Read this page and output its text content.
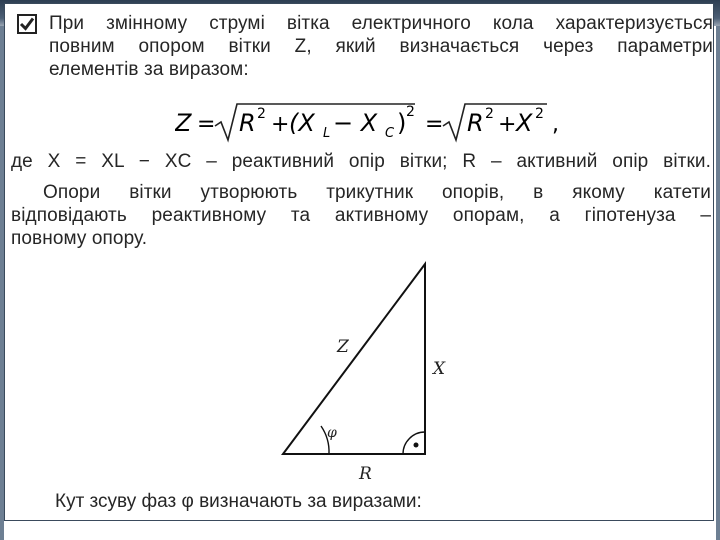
При змінному струмі вітка електричного кола характеризується
повним опором вітки Z, який визначається через параметри
елементів за виразом:
Z = R 2 + (X L − X C ) 2 = R 2 + X 2 ,
де X = XL − XC – реактивний опір вітки; R – активний опір вітки.
Опори вітки утворюють трикутник опорів, в якому катети
відповідають реактивному та активному опорам, а гіпотенуза –
повному опору.
Z
X
R
φ
Кут зсуву фаз φ визначають за виразами:
